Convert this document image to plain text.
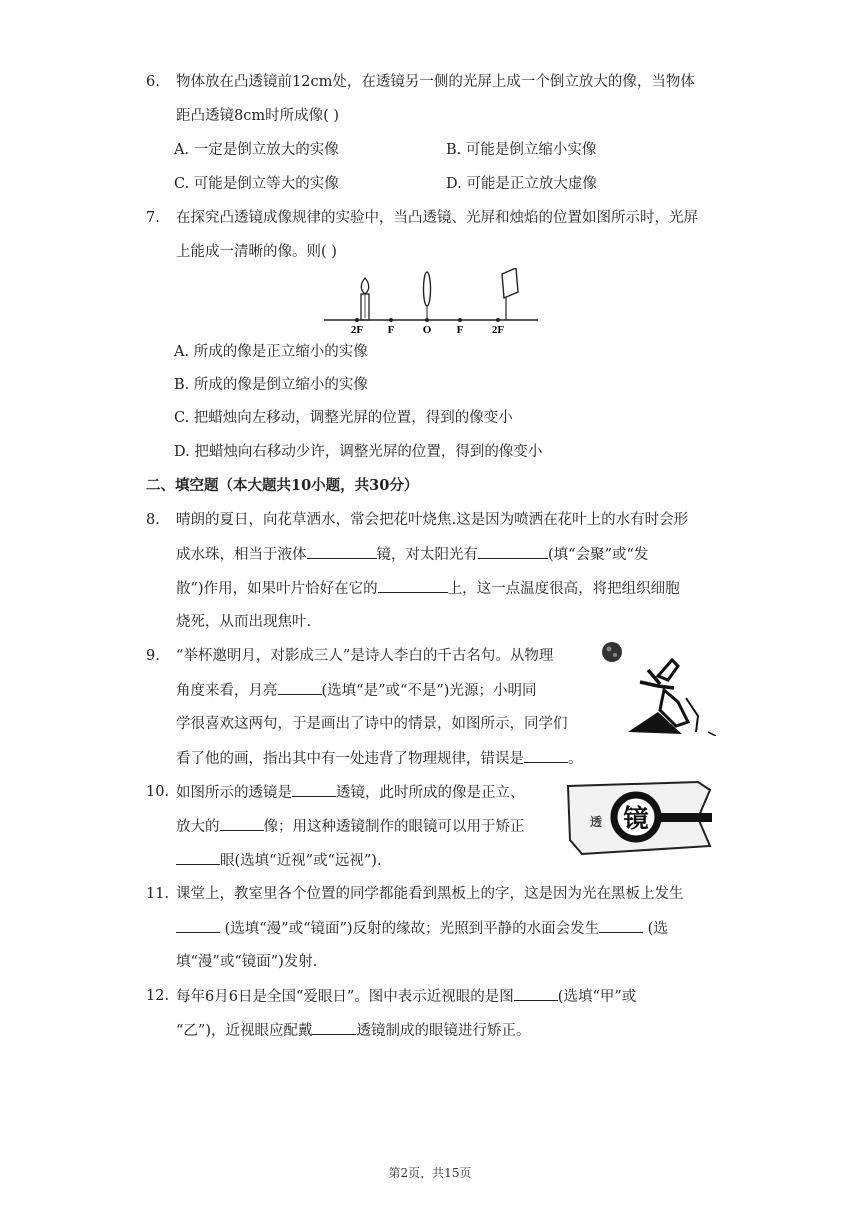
6.	物体放在凸透镜前12cm处，在透镜另一侧的光屏上成一个倒立放大的像，当物体
距凸透镜8cm时所成像( )
A. 一定是倒立放大的实像	B. 可能是倒立缩小实像
C. 可能是倒立等大的实像	D. 可能是正立放大虚像
7.	在探究凸透镜成像规律的实验中，当凸透镜、光屏和烛焰的位置如图所示时，光屏
上能成一清晰的像。则( )
2F F	O F	2F
A. 所成的像是正立缩小的实像
B. 所成的像是倒立缩小的实像
C. 把蜡烛向左移动，调整光屏的位置，得到的像变小
D. 把蜡烛向右移动少许，调整光屏的位置，得到的像变小
二、填空题（本大题共10小题，共30分）
8.	晴朗的夏日，向花草洒水，常会把花叶烧焦.这是因为喷洒在花叶上的水有时会形
成水珠，相当于液体	镜，对太阳光有	(填“会聚”或“发
散”)作用，如果叶片恰好在它的	上，这一点温度很高，将把组织细胞
烧死，从而出现焦叶.
9.	“举杯邀明月，对影成三人”是诗人李白的千古名句。从物理
角度来看，月亮	(选填“是”或“不是”)光源；小明同
学很喜欢这两句，于是画出了诗中的情景，如图所示，同学们
看了他的画，指出其中有一处违背了物理规律，错误是	。
10. 如图所示的透镜是	透镜，此时所成的像是正立、
放大的	像；用这种透镜制作的眼镜可以用于矫正
眼(选填“近视”或“远视”).
透 镜
11. 课堂上，教室里各个位置的同学都能看到黑板上的字，这是因为光在黑板上发生
(选填“漫”或“镜面”)反射的缘故；光照到平静的水面会发生	(选
填“漫”或“镜面”)发射.
12. 每年6月6日是全国“爱眼日”。图中表示近视眼的是图	(选填“甲”或
“乙”)，近视眼应配戴	透镜制成的眼镜进行矫正。
第2页，共15页
